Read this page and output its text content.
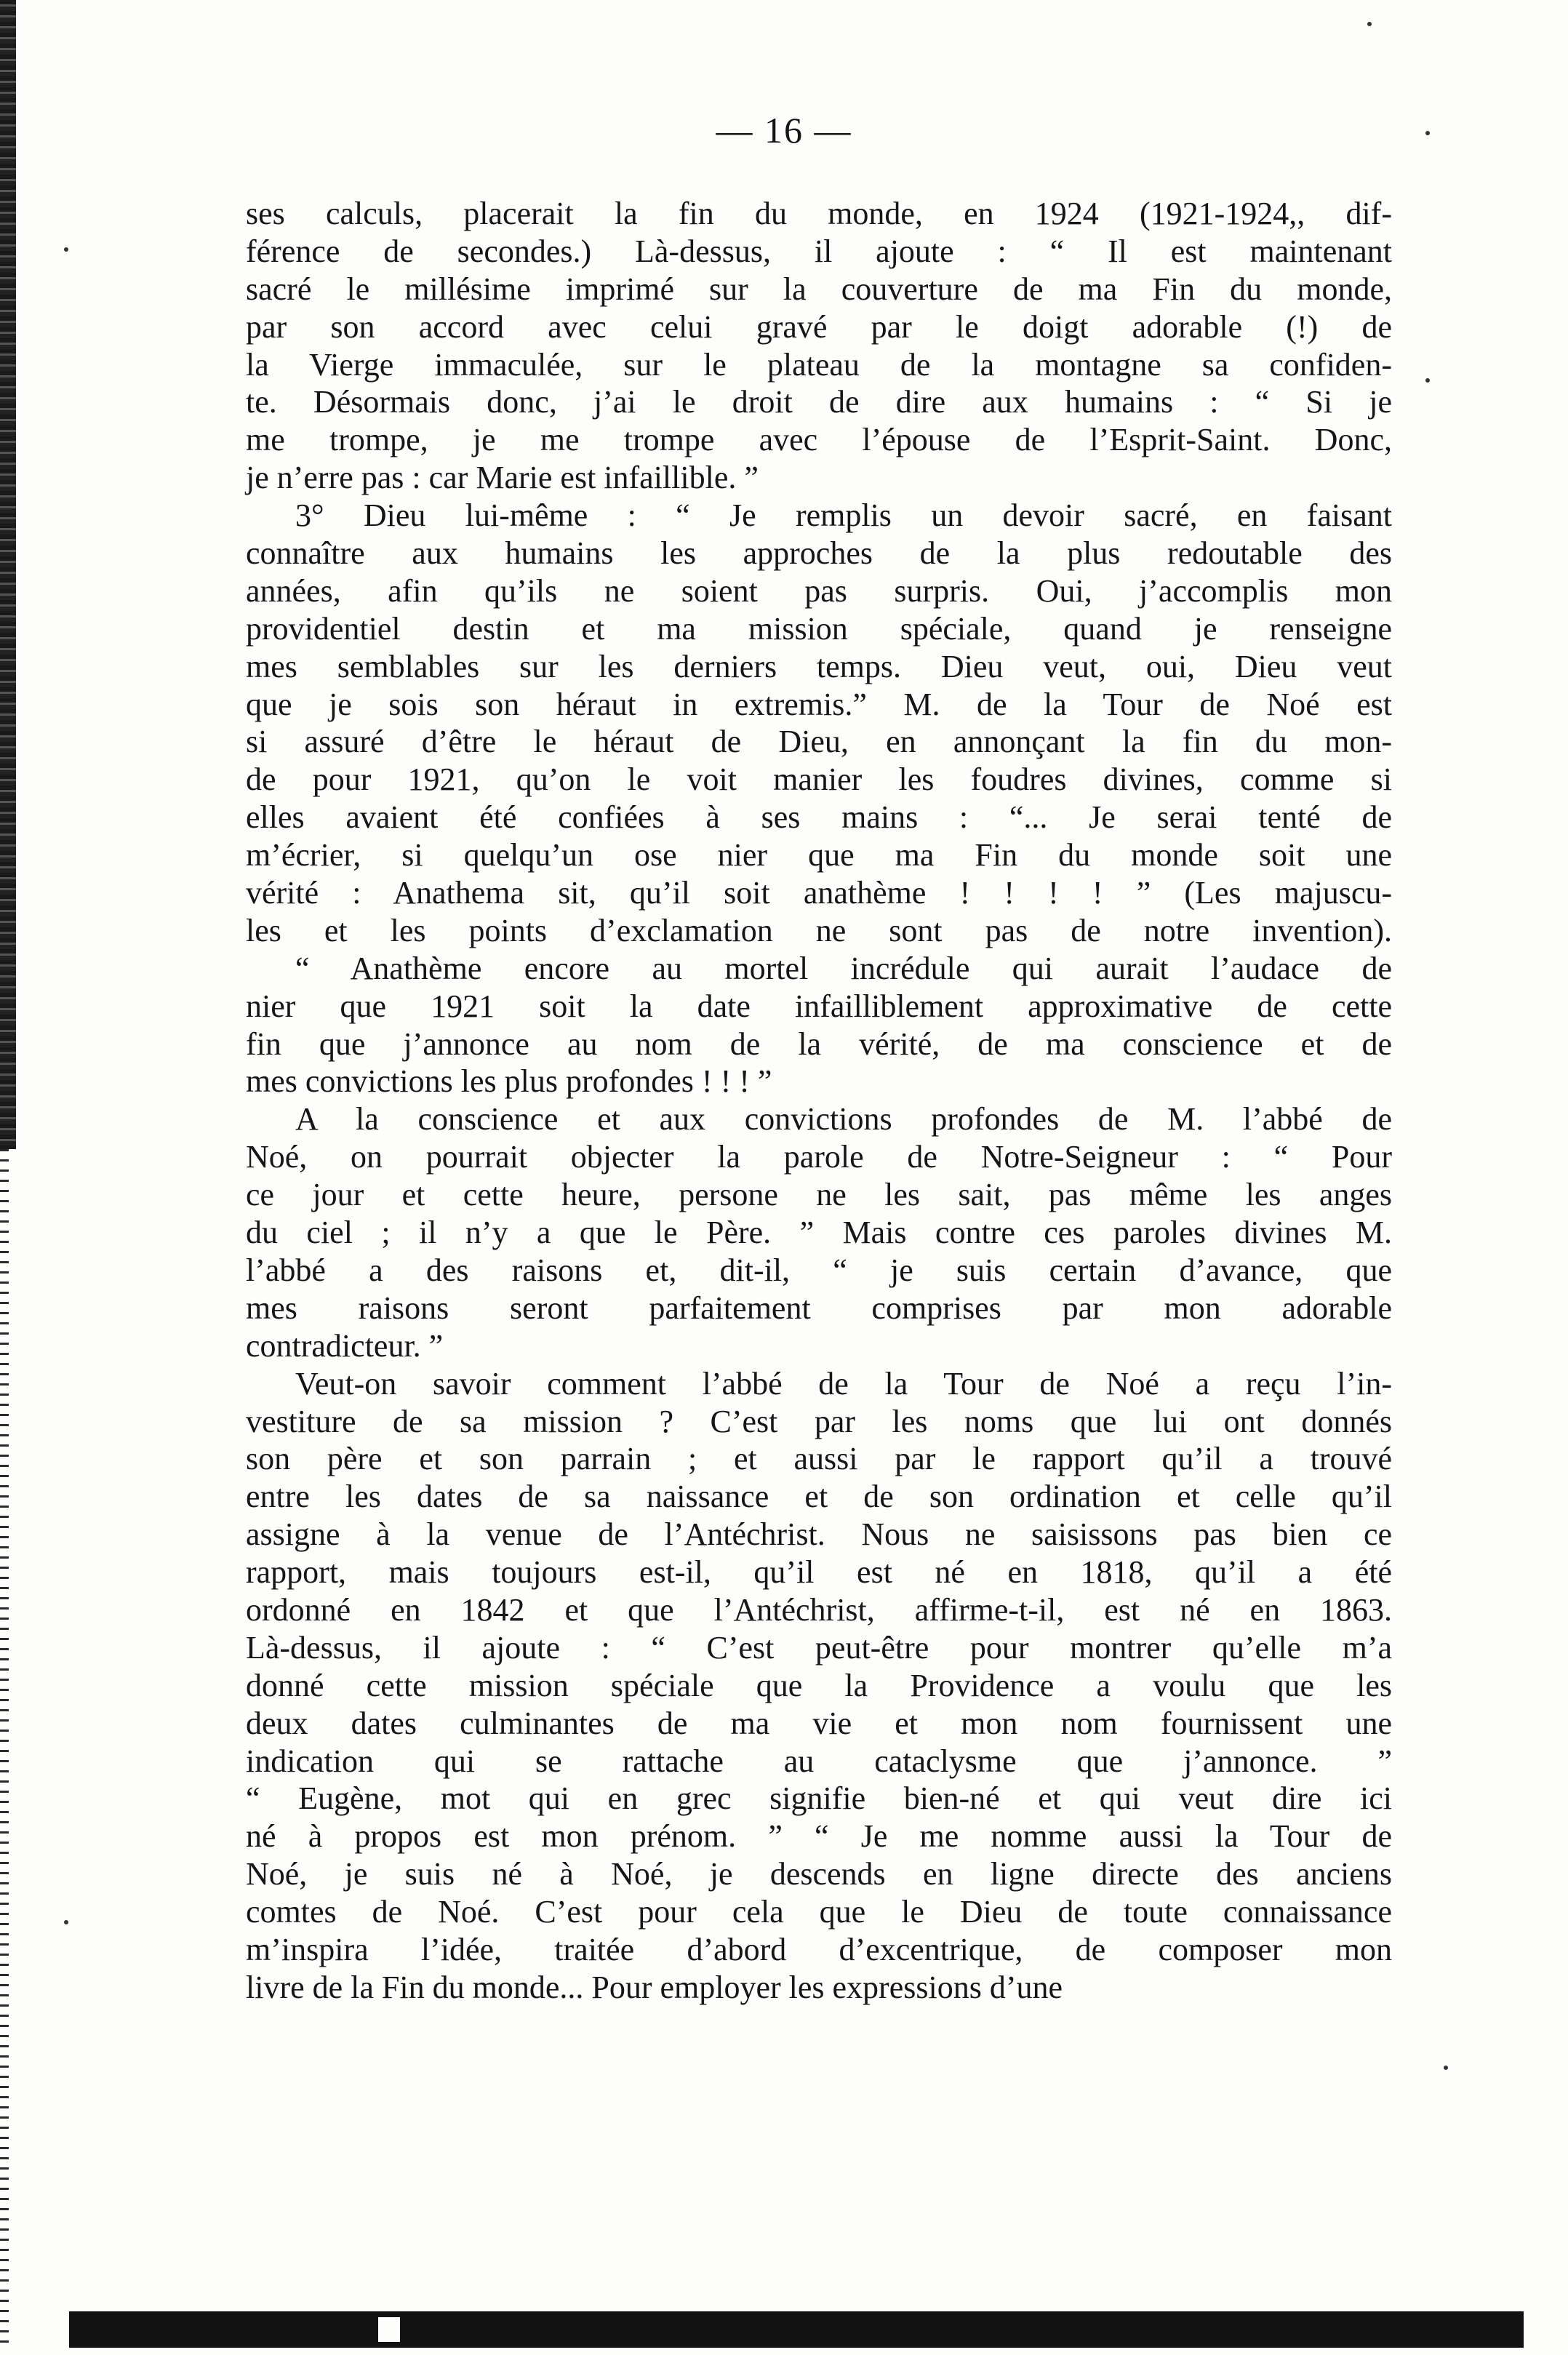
— 16 —
ses calculs, placerait la fin du monde, en 1924 (1921-1924,, dif-
férence de secondes.) Là-dessus, il ajoute : “ Il est maintenant
sacré le millésime imprimé sur la couverture de ma Fin du monde,
par son accord avec celui gravé par le doigt adorable (!) de
la Vierge immaculée, sur le plateau de la montagne sa confiden-
te. Désormais donc, j’ai le droit de dire aux humains : “ Si je
me trompe, je me trompe avec l’épouse de l’Esprit-Saint. Donc,
je n’erre pas : car Marie est infaillible. ”
3° Dieu lui-même : “ Je remplis un devoir sacré, en faisant
connaître aux humains les approches de la plus redoutable des
années, afin qu’ils ne soient pas surpris. Oui, j’accomplis mon
providentiel destin et ma mission spéciale, quand je renseigne
mes semblables sur les derniers temps. Dieu veut, oui, Dieu veut
que je sois son héraut in extremis.” M. de la Tour de Noé est
si assuré d’être le héraut de Dieu, en annonçant la fin du mon-
de pour 1921, qu’on le voit manier les foudres divines, comme si
elles avaient été confiées à ses mains : “... Je serai tenté de
m’écrier, si quelqu’un ose nier que ma Fin du monde soit une
vérité : Anathema sit, qu’il soit anathème ! ! ! ! ” (Les majuscu-
les et les points d’exclamation ne sont pas de notre invention).
“ Anathème encore au mortel incrédule qui aurait l’audace de
nier que 1921 soit la date infailliblement approximative de cette
fin que j’annonce au nom de la vérité, de ma conscience et de
mes convictions les plus profondes ! ! ! ”
A la conscience et aux convictions profondes de M. l’abbé de
Noé, on pourrait objecter la parole de Notre-Seigneur : “ Pour
ce jour et cette heure, persone ne les sait, pas même les anges
du ciel ; il n’y a que le Père. ” Mais contre ces paroles divines M.
l’abbé a des raisons et, dit-il, “ je suis certain d’avance, que
mes raisons seront parfaitement comprises par mon adorable
contradicteur. ”
Veut-on savoir comment l’abbé de la Tour de Noé a reçu l’in-
vestiture de sa mission ? C’est par les noms que lui ont donnés
son père et son parrain ; et aussi par le rapport qu’il a trouvé
entre les dates de sa naissance et de son ordination et celle qu’il
assigne à la venue de l’Antéchrist. Nous ne saisissons pas bien ce
rapport, mais toujours est-il, qu’il est né en 1818, qu’il a été
ordonné en 1842 et que l’Antéchrist, affirme-t-il, est né en 1863.
Là-dessus, il ajoute : “ C’est peut-être pour montrer qu’elle m’a
donné cette mission spéciale que la Providence a voulu que les
deux dates culminantes de ma vie et mon nom fournissent une
indication qui se rattache au cataclysme que j’annonce. ”
“ Eugène, mot qui en grec signifie bien-né et qui veut dire ici
né à propos est mon prénom. ” “ Je me nomme aussi la Tour de
Noé, je suis né à Noé, je descends en ligne directe des anciens
comtes de Noé. C’est pour cela que le Dieu de toute connaissance
m’inspira l’idée, traitée d’abord d’excentrique, de composer mon
livre de la Fin du monde... Pour employer les expressions d’une
